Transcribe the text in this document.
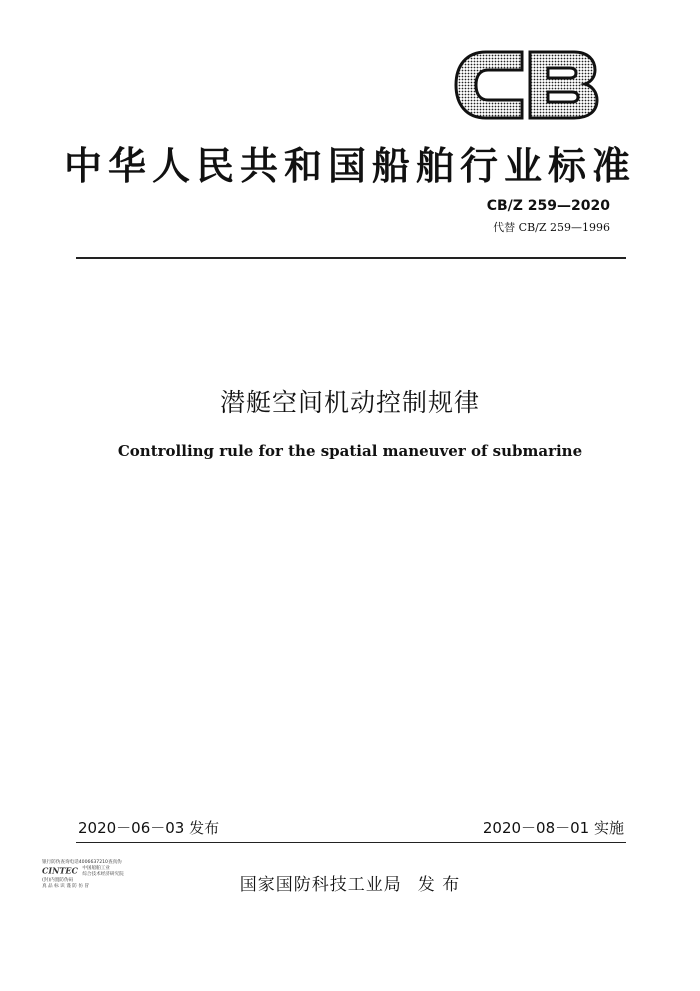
中华人民共和国船舶行业标准
CB/Z 259—2020
代替 CB/Z 259—1996
潜艇空间机动控制规律
Controlling rule for the spatial maneuver of submarine
2020－06－03 发布	2020－08－01 实施
国家国防科技工业局 发 布
银行防伪查询电话4006637210查真伪
CINTEC 中国船舶工业
综合技术经济研究院
(封)内置防伪码
真 品 标 识 谨 防 仿 冒
